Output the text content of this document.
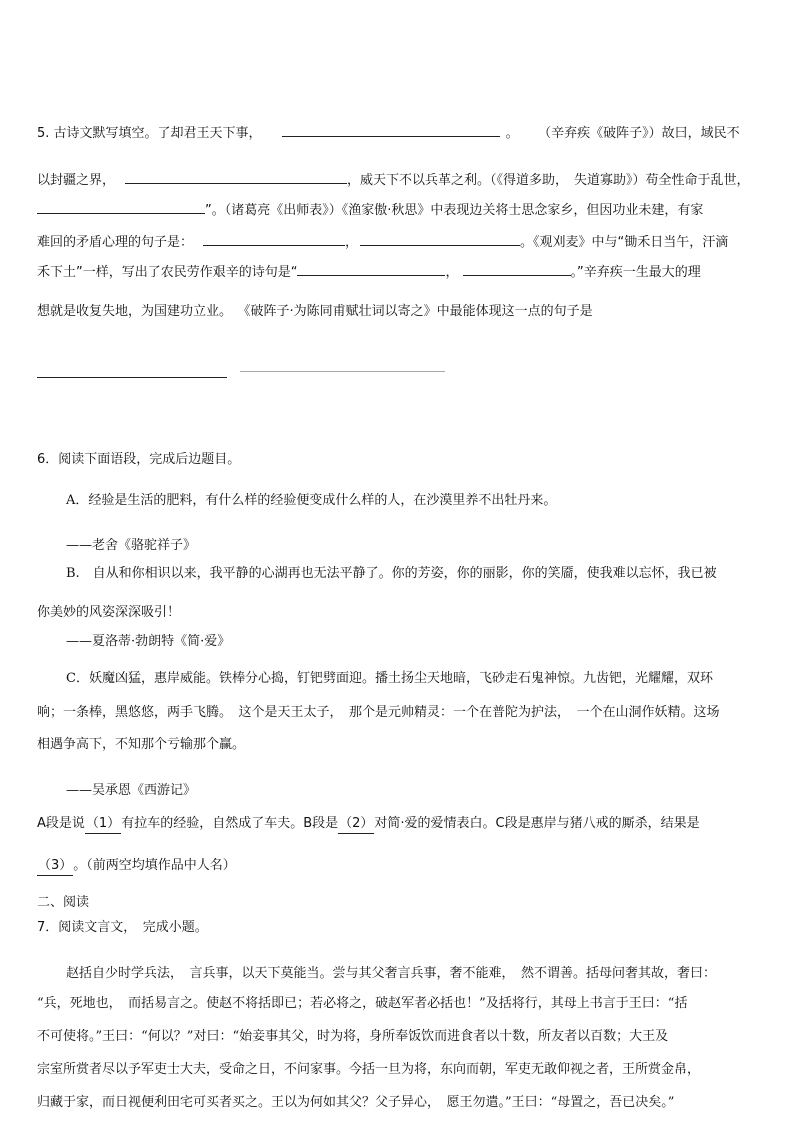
5. 古诗文默写填空。了却君王天下事，	。 （辛弃疾《破阵子》）故曰，域民不
以封疆之界，	，威天下不以兵革之利。（《得道多助， 失道寡助》）苟全性命于乱世，
”。（诸葛亮《出师表》）《渔家傲·秋思》中表现边关将士思念家乡，但因功业未建，有家
难回的矛盾心理的句子是：	，	。《观刈麦》中与“锄禾日当午，汗滴
禾下土”一样，写出了农民劳作艰辛的诗句是“	，	。”辛弃疾一生最大的理
想就是收复失地，为国建功立业。 《破阵子·为陈同甫赋壮词以寄之》中最能体现这一点的句子是
6．阅读下面语段，完成后边题目。
A．经验是生活的肥料，有什么样的经验便变成什么样的人，在沙漠里养不出牡丹来。
——老舍《骆驼祥子》
B.　自从和你相识以来，我平静的心湖再也无法平静了。你的芳姿，你的丽影，你的笑靥，使我难以忘怀，我已被
你美妙的风姿深深吸引！
——夏洛蒂·勃朗特《简·爱》
C．妖魔凶猛，惠岸威能。铁棒分心捣，钉钯劈面迎。播土扬尘天地暗，飞砂走石鬼神惊。九齿钯，光耀耀，双环
响；一条棒，黑悠悠，两手飞腾。　这个是天王太子，　那个是元帅精灵：一个在普陀为护法，　一个在山洞作妖精。这场
相遇争高下，不知那个亏输那个赢。
——吴承恩《西游记》
A段是说（1）有拉车的经验，自然成了车夫。B段是（2）对简·爱的爱情表白。C段是惠岸与猪八戒的厮杀，结果是
（3）。（前两空均填作品中人名）
二、阅读
7．阅读文言文，　完成小题。
赵括自少时学兵法，　言兵事，以天下莫能当。尝与其父奢言兵事，奢不能难，　然不谓善。括母问奢其故，奢曰：
“兵，死地也，　而括易言之。使赵不将括即已；若必将之，破赵军者必括也！”及括将行，其母上书言于王曰：“括
不可使将。”王曰：“何以？”对曰：“始妾事其父，时为将，身所奉饭饮而进食者以十数，所友者以百数；大王及
宗室所赏者尽以予军吏士大夫，受命之日，不问家事。今括一旦为将，东向而朝，军吏无敢仰视之者，王所赏金帛，
归藏于家，而日视便利田宅可买者买之。王以为何如其父？父子异心，　愿王勿遣。”王曰：“母置之，吾已决矣。”
